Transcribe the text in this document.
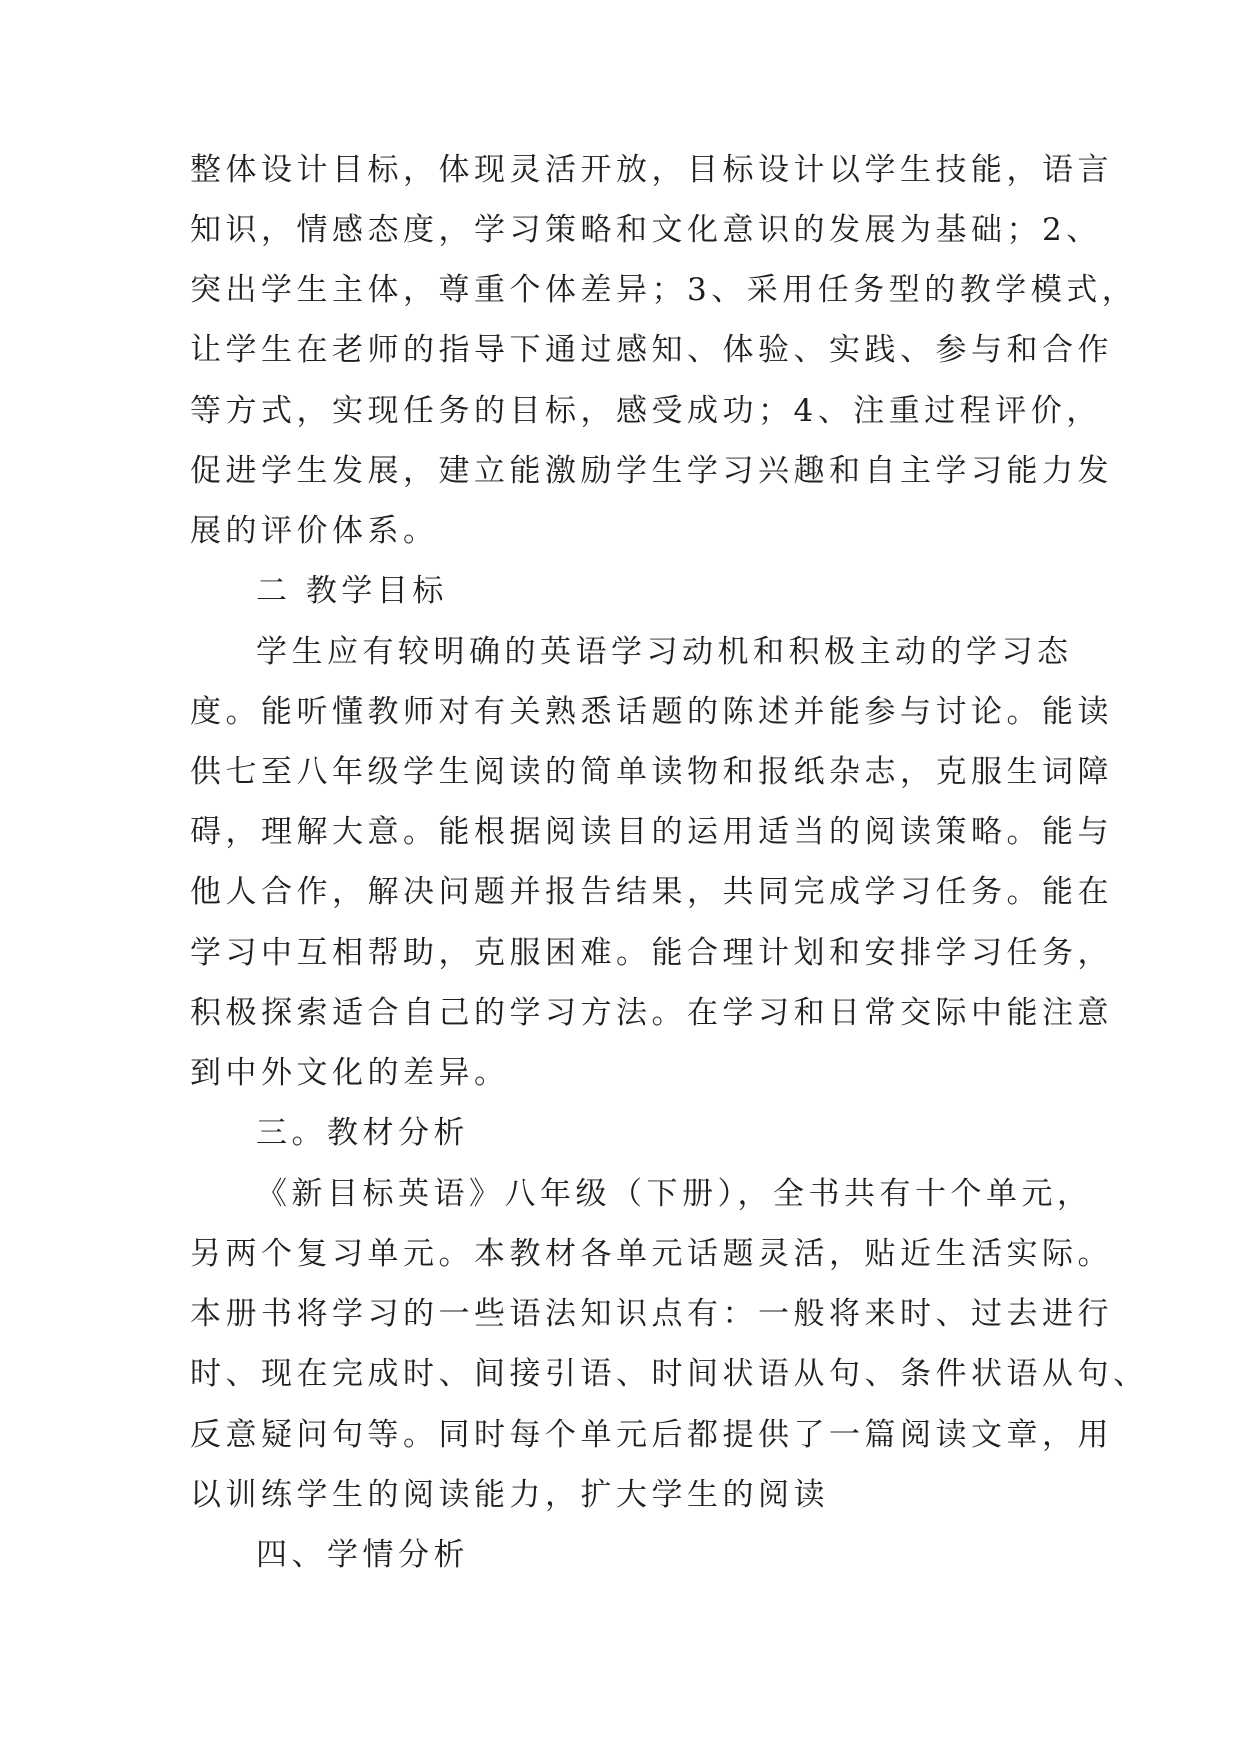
整体设计目标，体现灵活开放，目标设计以学生技能，语言
知识，情感态度，学习策略和文化意识的发展为基础；2、
突出学生主体，尊重个体差异；3、采用任务型的教学模式，
让学生在老师的指导下通过感知、体验、实践、参与和合作
等方式，实现任务的目标，感受成功；4、注重过程评价，
促进学生发展，建立能激励学生学习兴趣和自主学习能力发
展的评价体系。
二 教学目标
学生应有较明确的英语学习动机和积极主动的学习态
度。能听懂教师对有关熟悉话题的陈述并能参与讨论。能读
供七至八年级学生阅读的简单读物和报纸杂志，克服生词障
碍，理解大意。能根据阅读目的运用适当的阅读策略。能与
他人合作，解决问题并报告结果，共同完成学习任务。能在
学习中互相帮助，克服困难。能合理计划和安排学习任务，
积极探索适合自己的学习方法。在学习和日常交际中能注意
到中外文化的差异。
三。教材分析
《新目标英语》八年级（下册），全书共有十个单元，
另两个复习单元。本教材各单元话题灵活，贴近生活实际。
本册书将学习的一些语法知识点有：一般将来时、过去进行
时、现在完成时、间接引语、时间状语从句、条件状语从句、
反意疑问句等。同时每个单元后都提供了一篇阅读文章，用
以训练学生的阅读能力，扩大学生的阅读
四、学情分析
